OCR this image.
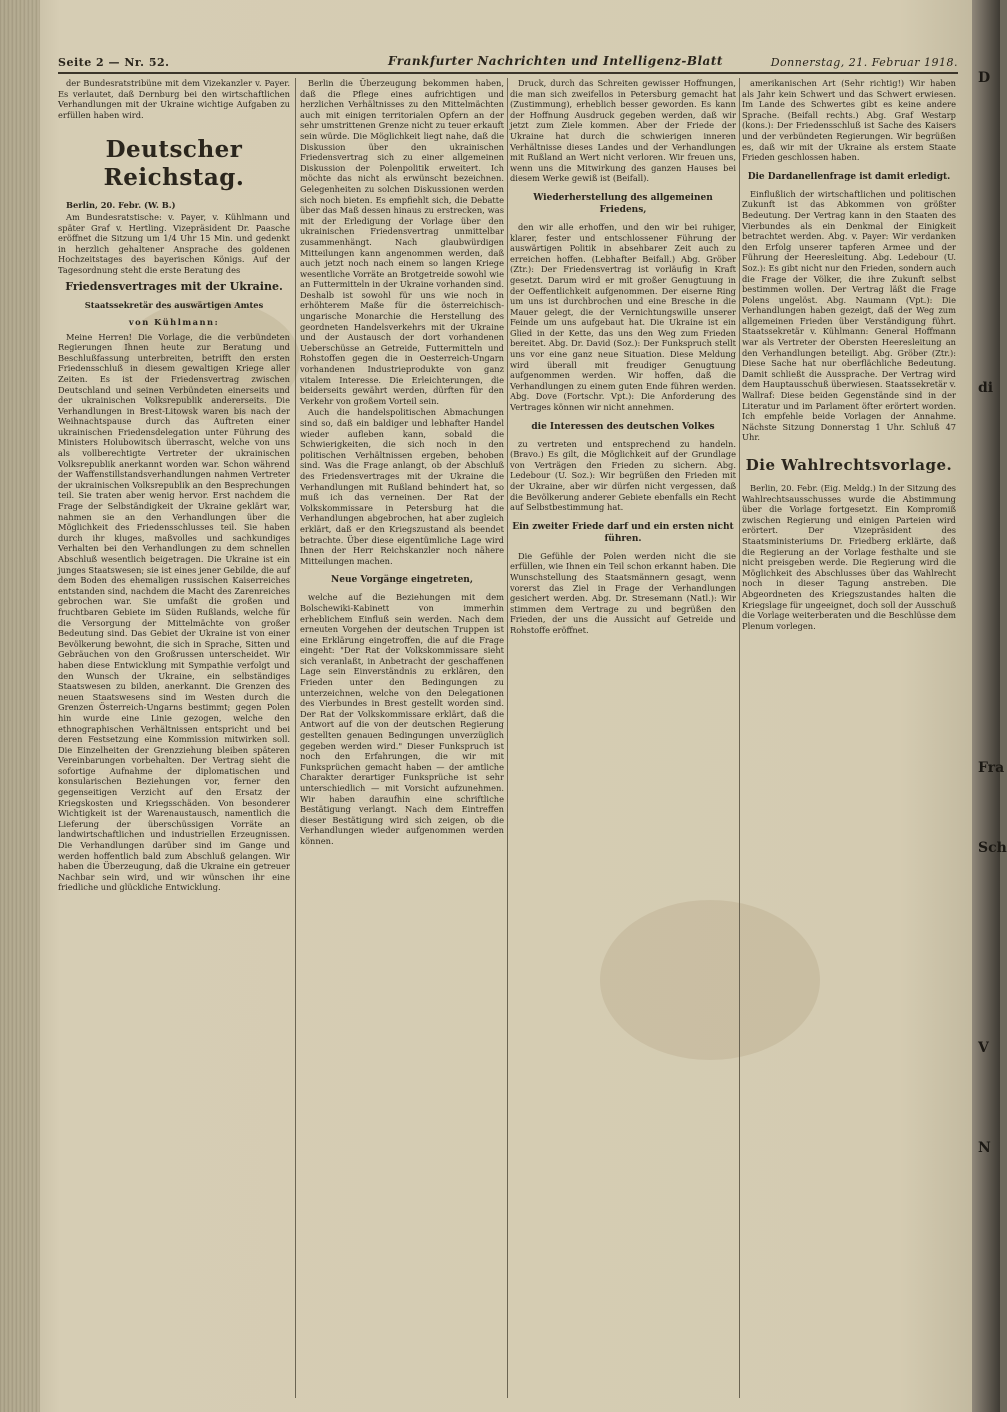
Seite 2 — Nr. 52.	Frankfurter Nachrichten und Intelligenz-Blatt	Donnerstag, 21. Februar 1918.

der Bundesratstribüne mit dem Vizekanzler v. Payer. Es verlautet, daß Dernburg bei den wirtschaftlichen Verhandlungen mit der Ukraine wichtige Aufgaben zu erfüllen haben wird.

Deutscher Reichstag.

Berlin, 20. Febr. (W. B.)

Am Bundesratstische: v. Payer, v. Kühlmann und später Graf v. Hertling. Vizepräsident Dr. Paasche eröffnet die Sitzung um 1/4 Uhr 15 Min. und gedenkt in herzlich gehaltener Ansprache des goldenen Hochzeitstages des bayerischen Königs. Auf der Tagesordnung steht die erste Beratung des

Friedensvertrages mit der Ukraine.
Staatssekretär des auswärtigen Amtes
von Kühlmann:

Meine Herren! Die Vorlage, die die verbündeten Regierungen Ihnen heute zur Beratung und Beschlußfassung unterbreiten, betrifft den ersten Friedensschluß in diesem gewaltigen Kriege aller Zeiten. Es ist der Friedensvertrag zwischen Deutschland und seinen Verbündeten einerseits und der ukrainischen Volksrepublik andererseits. Die Verhandlungen in Brest-Litowsk waren bis nach der Weihnachtspause durch das Auftreten einer ukrainischen Friedensdelegation unter Führung des Ministers Holubowitsch überrascht, welche von uns als vollberechtigte Vertreter der ukrainischen Volksrepublik anerkannt worden war. Schon während der Waffenstillstandsverhandlungen nahmen Vertreter der ukrainischen Volksrepublik an den Besprechungen teil. Sie traten aber wenig hervor. Erst nachdem die Frage der Selbständigkeit der Ukraine geklärt war, nahmen sie an den Verhandlungen über die Möglichkeit des Friedensschlusses teil. Sie haben durch ihr kluges, maßvolles und sachkundiges Verhalten bei den Verhandlungen zu dem schnellen Abschluß wesentlich beigetragen. Die Ukraine ist ein junges Staatswesen; sie ist eines jener Gebilde, die auf dem Boden des ehemaligen russischen Kaiserreiches entstanden sind, nachdem die Macht des Zarenreiches gebrochen war. Sie umfaßt die großen und fruchtbaren Gebiete im Süden Rußlands, welche für die Versorgung der Mittelmächte von großer Bedeutung sind. Das Gebiet der Ukraine ist von einer Bevölkerung bewohnt, die sich in Sprache, Sitten und Gebräuchen von den Großrussen unterscheidet. Wir haben diese Entwicklung mit Sympathie verfolgt und den Wunsch der Ukraine, ein selbständiges Staatswesen zu bilden, anerkannt. Die Grenzen des neuen Staatswesens sind im Westen durch die Grenzen Österreich-Ungarns bestimmt; gegen Polen hin wurde eine Linie gezogen, welche den ethnographischen Verhältnissen entspricht und bei deren Festsetzung eine Kommission mitwirken soll. Die Einzelheiten der Grenzziehung bleiben späteren Vereinbarungen vorbehalten. Der Vertrag sieht die sofortige Aufnahme der diplomatischen und konsularischen Beziehungen vor, ferner den gegenseitigen Verzicht auf den Ersatz der Kriegskosten und Kriegsschäden. Von besonderer Wichtigkeit ist der Warenaustausch, namentlich die Lieferung der überschüssigen Vorräte an landwirtschaftlichen und industriellen Erzeugnissen. Die Verhandlungen darüber sind im Gange und werden hoffentlich bald zum Abschluß gelangen. Wir haben die Überzeugung, daß die Ukraine ein getreuer Nachbar sein wird, und wir wünschen ihr eine friedliche und glückliche Entwicklung.

Berlin die Überzeugung bekommen haben, daß die Pflege eines aufrichtigen und herzlichen Verhältnisses zu den Mittelmächten auch mit einigen territorialen Opfern an der sehr umstrittenen Grenze nicht zu teuer erkauft sein würde. Die Möglichkeit liegt nahe, daß die Diskussion über den ukrainischen Friedensvertrag sich zu einer allgemeinen Diskussion der Polenpolitik erweitert. Ich möchte das nicht als erwünscht bezeichnen. Gelegenheiten zu solchen Diskussionen werden sich noch bieten. Es empfiehlt sich, die Debatte über das Maß dessen hinaus zu erstrecken, was mit der Erledigung der Vorlage über den ukrainischen Friedensvertrag unmittelbar zusammenhängt. Nach glaubwürdigen Mitteilungen kann angenommen werden, daß auch jetzt noch nach einem so langen Kriege wesentliche Vorräte an Brotgetreide sowohl wie an Futtermitteln in der Ukraine vorhanden sind. Deshalb ist sowohl für uns wie noch in erhöhterem Maße für die österreichisch-ungarische Monarchie die Herstellung des geordneten Handelsverkehrs mit der Ukraine und der Austausch der dort vorhandenen Ueberschüsse an Getreide, Futtermitteln und Rohstoffen gegen die in Oesterreich-Ungarn vorhandenen Industrieprodukte von ganz vitalem Interesse. Die Erleichterungen, die beiderseits gewährt werden, dürften für den Verkehr von großem Vorteil sein.

Auch die handelspolitischen Abmachungen sind so, daß ein baldiger und lebhafter Handel wieder aufleben kann, sobald die Schwierigkeiten, die sich noch in den politischen Verhältnissen ergeben, behoben sind. Was die Frage anlangt, ob der Abschluß des Friedensvertrages mit der Ukraine die Verhandlungen mit Rußland behindert hat, so muß ich das verneinen. Der Rat der Volkskommissare in Petersburg hat die Verhandlungen abgebrochen, hat aber zugleich erklärt, daß er den Kriegszustand als beendet betrachte. Über diese eigentümliche Lage wird Ihnen der Herr Reichskanzler noch nähere Mitteilungen machen.

Neue Vorgänge eingetreten,

welche auf die Beziehungen mit dem Bolschewiki-Kabinett von immerhin erheblichem Einfluß sein werden. Nach dem erneuten Vorgehen der deutschen Truppen ist eine Erklärung eingetroffen, die auf die Frage eingeht: "Der Rat der Volkskommissare sieht sich veranlaßt, in Anbetracht der geschaffenen Lage sein Einverständnis zu erklären, den Frieden unter den Bedingungen zu unterzeichnen, welche von den Delegationen des Vierbundes in Brest gestellt worden sind. Der Rat der Volkskommissare erklärt, daß die Antwort auf die von der deutschen Regierung gestellten genauen Bedingungen unverzüglich gegeben werden wird." Dieser Funkspruch ist noch den Erfahrungen, die wir mit Funksprüchen gemacht haben — der amtliche Charakter derartiger Funksprüche ist sehr unterschiedlich — mit Vorsicht aufzunehmen. Wir haben daraufhin eine schriftliche Bestätigung verlangt. Nach dem Eintreffen dieser Bestätigung wird sich zeigen, ob die Verhandlungen wieder aufgenommen werden können.

Druck, durch das Schreiten gewisser Hoffnungen, die man sich zweifellos in Petersburg gemacht hat (Zustimmung), erheblich besser geworden. Es kann der Hoffnung Ausdruck gegeben werden, daß wir jetzt zum Ziele kommen. Aber der Friede der Ukraine hat durch die schwierigen inneren Verhältnisse dieses Landes und der Verhandlungen mit Rußland an Wert nicht verloren. Wir freuen uns, wenn uns die Mitwirkung des ganzen Hauses bei diesem Werke gewiß ist (Beifall).

Wiederherstellung des allgemeinen Friedens,

den wir alle erhoffen, und den wir bei ruhiger, klarer, fester und entschlossener Führung der auswärtigen Politik in absehbarer Zeit auch zu erreichen hoffen. (Lebhafter Beifall.) Abg. Gröber (Ztr.): Der Friedensvertrag ist vorläufig in Kraft gesetzt. Darum wird er mit großer Genugtuung in der Oeffentlichkeit aufgenommen. Der eiserne Ring um uns ist durchbrochen und eine Breschе in die Mauer gelegt, die der Vernichtungswille unserer Feinde um uns aufgebaut hat. Die Ukraine ist ein Glied in der Kette, das uns den Weg zum Frieden bereitet. Abg. Dr. David (Soz.): Der Funkspruch stellt uns vor eine ganz neue Situation. Diese Meldung wird überall mit freudiger Genugtuung aufgenommen werden. Wir hoffen, daß die Verhandlungen zu einem guten Ende führen werden. Abg. Dove (Fortschr. Vpt.): Die Anforderung des Vertrages können wir nicht annehmen.

die Interessen des deutschen Volkes

zu vertreten und entsprechend zu handeln. (Bravo.) Es gilt, die Möglichkeit auf der Grundlage von Verträgen den Frieden zu sichern. Abg. Ledebour (U. Soz.): Wir begrüßen den Frieden mit der Ukraine, aber wir dürfen nicht vergessen, daß die Bevölkerung anderer Gebiete ebenfalls ein Recht auf Selbstbestimmung hat.

Ein zweiter Friede darf und ein ersten nicht führen.

Die Gefühle der Polen werden nicht die sie erfüllen, wie Ihnen ein Teil schon erkannt haben. Die Wunschstellung des Staatsmännern gesagt, wenn vorerst das Ziel in Frage der Verhandlungen gesichert werden. Abg. Dr. Stresemann (Natl.): Wir stimmen dem Vertrage zu und begrüßen den Frieden, der uns die Aussicht auf Getreide und Rohstoffe eröffnet.

amerikanischen Art (Sehr richtig!) Wir haben als Jahr kein Schwert und das Schwert erwiesen. Im Lande des Schwertes gibt es keine andere Sprache. (Beifall rechts.) Abg. Graf Westarp (kons.): Der Friedensschluß ist Sache des Kaisers und der verbündeten Regierungen. Wir begrüßen es, daß wir mit der Ukraine als erstem Staate Frieden geschlossen haben.

Die Dardanellenfrage ist damit erledigt.

Einflußlich der wirtschaftlichen und politischen Zukunft ist das Abkommen von größter Bedeutung. Der Vertrag kann in den Staaten des Vierbundes als ein Denkmal der Einigkeit betrachtet werden. Abg. v. Payer: Wir verdanken den Erfolg unserer tapferen Armee und der Führung der Heeresleitung. Abg. Ledebour (U. Soz.): Es gibt nicht nur den Frieden, sondern auch die Frage der Völker, die ihre Zukunft selbst bestimmen wollen. Der Vertrag läßt die Frage Polens ungelöst. Abg. Naumann (Vpt.): Die Verhandlungen haben gezeigt, daß der Weg zum allgemeinen Frieden über Verständigung führt. Staatssekretär v. Kühlmann: General Hoffmann war als Vertreter der Obersten Heeresleitung an den Verhandlungen beteiligt. Abg. Gröber (Ztr.): Diese Sache hat nur oberflächliche Bedeutung. Damit schließt die Aussprache. Der Vertrag wird dem Hauptausschuß überwiesen. Staatssekretär v. Wallraf: Diese beiden Gegenstände sind in der Literatur und im Parlament öfter erörtert worden. Ich empfehle beide Vorlagen der Annahme. Nächste Sitzung Donnerstag 1 Uhr. Schluß 47 Uhr.

Die Wahlrechtsvorlage.

Berlin, 20. Febr. (Eig. Meldg.) In der Sitzung des Wahlrechtsausschusses wurde die Abstimmung über die Vorlage fortgesetzt. Ein Kompromiß zwischen Regierung und einigen Parteien wird erörtert. Der Vizepräsident des Staatsministeriums Dr. Friedberg erklärte, daß die Regierung an der Vorlage festhalte und sie nicht preisgeben werde. Die Regierung wird die Möglichkeit des Abschlusses über das Wahlrecht noch in dieser Tagung anstreben. Die Abgeordneten des Kriegszustandes halten die Kriegslage für ungeeignet, doch soll der Ausschuß die Vorlage weiterberaten und die Beschlüsse dem Plenum vorlegen.

D
di
Fra
Sch
V
N
